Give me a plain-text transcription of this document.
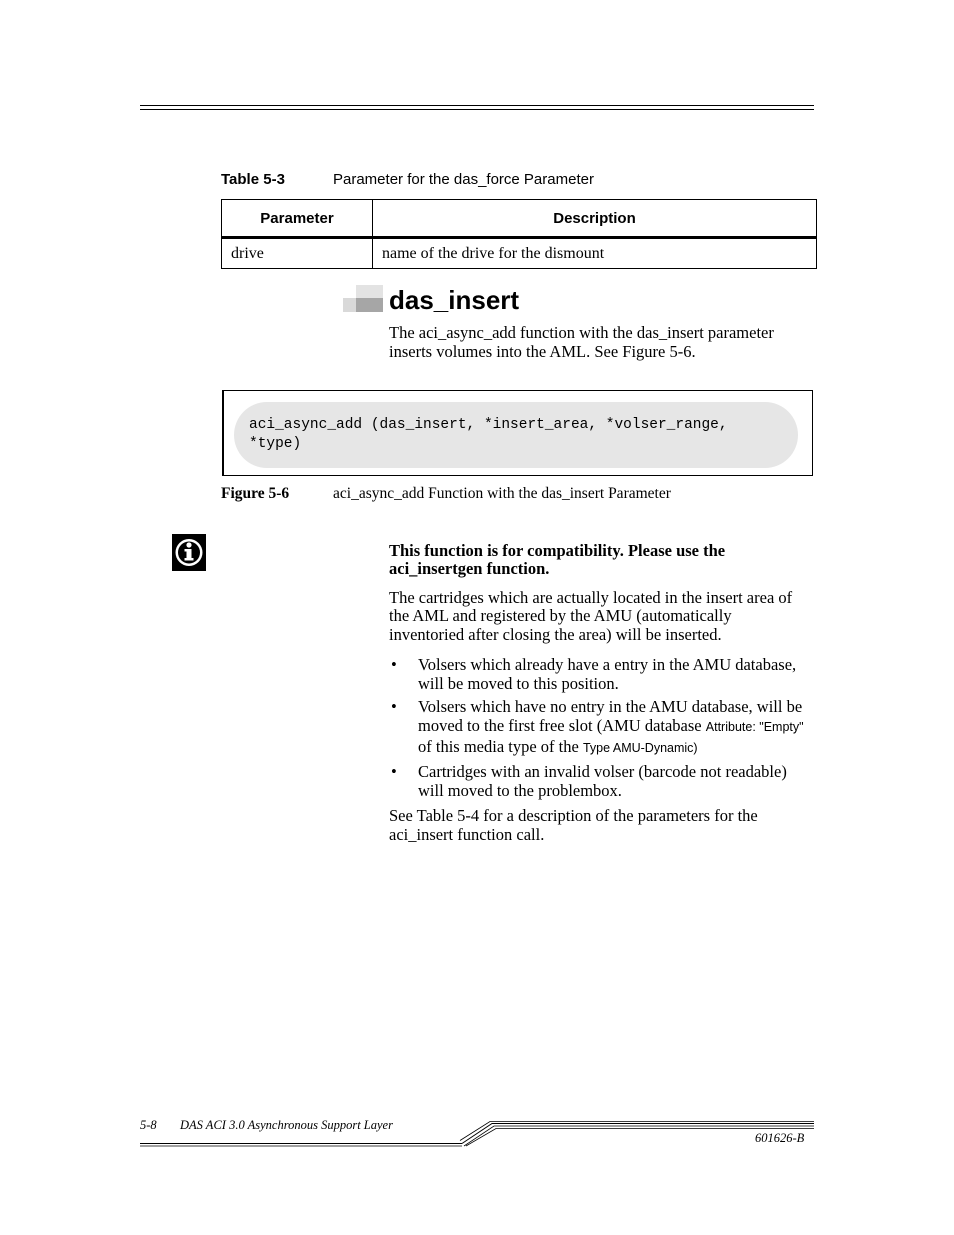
Table 5-3	Parameter for the das_force Parameter
Parameter	Description
drive	name of the drive for the dismount
das_insert

The aci_async_add function with the das_insert parameter

inserts volumes into the AML. See Figure 5-6.

aci_async_add (das_insert, *insert_area, *volser_range,
*type)
Figure 5-6	aci_async_add Function with the das_insert Parameter

This function is for compatibility. Please use the

aci_insertgen function.

The cartridges which are actually located in the insert area of

the AML and registered by the AMU (automatically

inventoried after closing the area) will be inserted.

• Volsers which already have a entry in the AMU database,
will be moved to this position.
• Volsers which have no entry in the AMU database, will be
moved to the first free slot (AMU database Attribute: "Empty"
of this media type of the Type AMU-Dynamic)
• Cartridges with an invalid volser (barcode not readable)
will moved to the problembox.

See Table 5-4 for a description of the parameters for the

aci_insert function call.

5-8 DAS ACI 3.0 Asynchronous Support Layer
601626-B
